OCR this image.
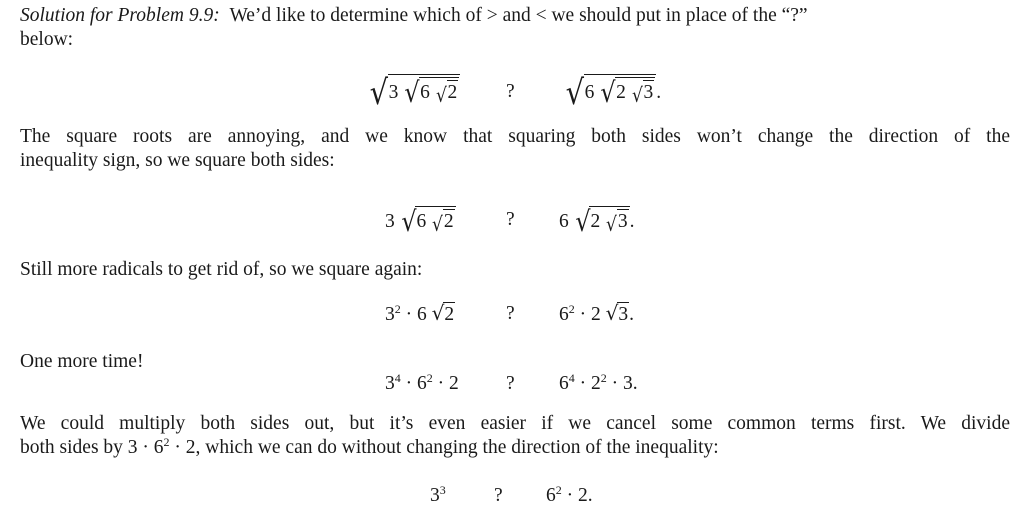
Solution for Problem 9.9: We’d like to determine which of > and < we should put in place of the “?”
below:
√3 √6 √2 ? √6 √2 √3 .
The square roots are annoying, and we know that squaring both sides won’t change the direction of the
inequality sign, so we square both sides:
3 √6 √2	? 6 √2 √3 .
Still more radicals to get rid of, so we square again:
$3^2 \cdot 6$ √2	? $6^2 \cdot 2$ √3.
One more time!
$3^4 \cdot 6^2 \cdot 2$ ? $6^4 \cdot 2^2 \cdot 3$.
We could multiply both sides out, but it’s even easier if we cancel some common terms first. We divide
both sides by $3 \cdot 6^2 \cdot 2$, which we can do without changing the direction of the inequality:
$3^3$ ? $6^2 \cdot 2$.
